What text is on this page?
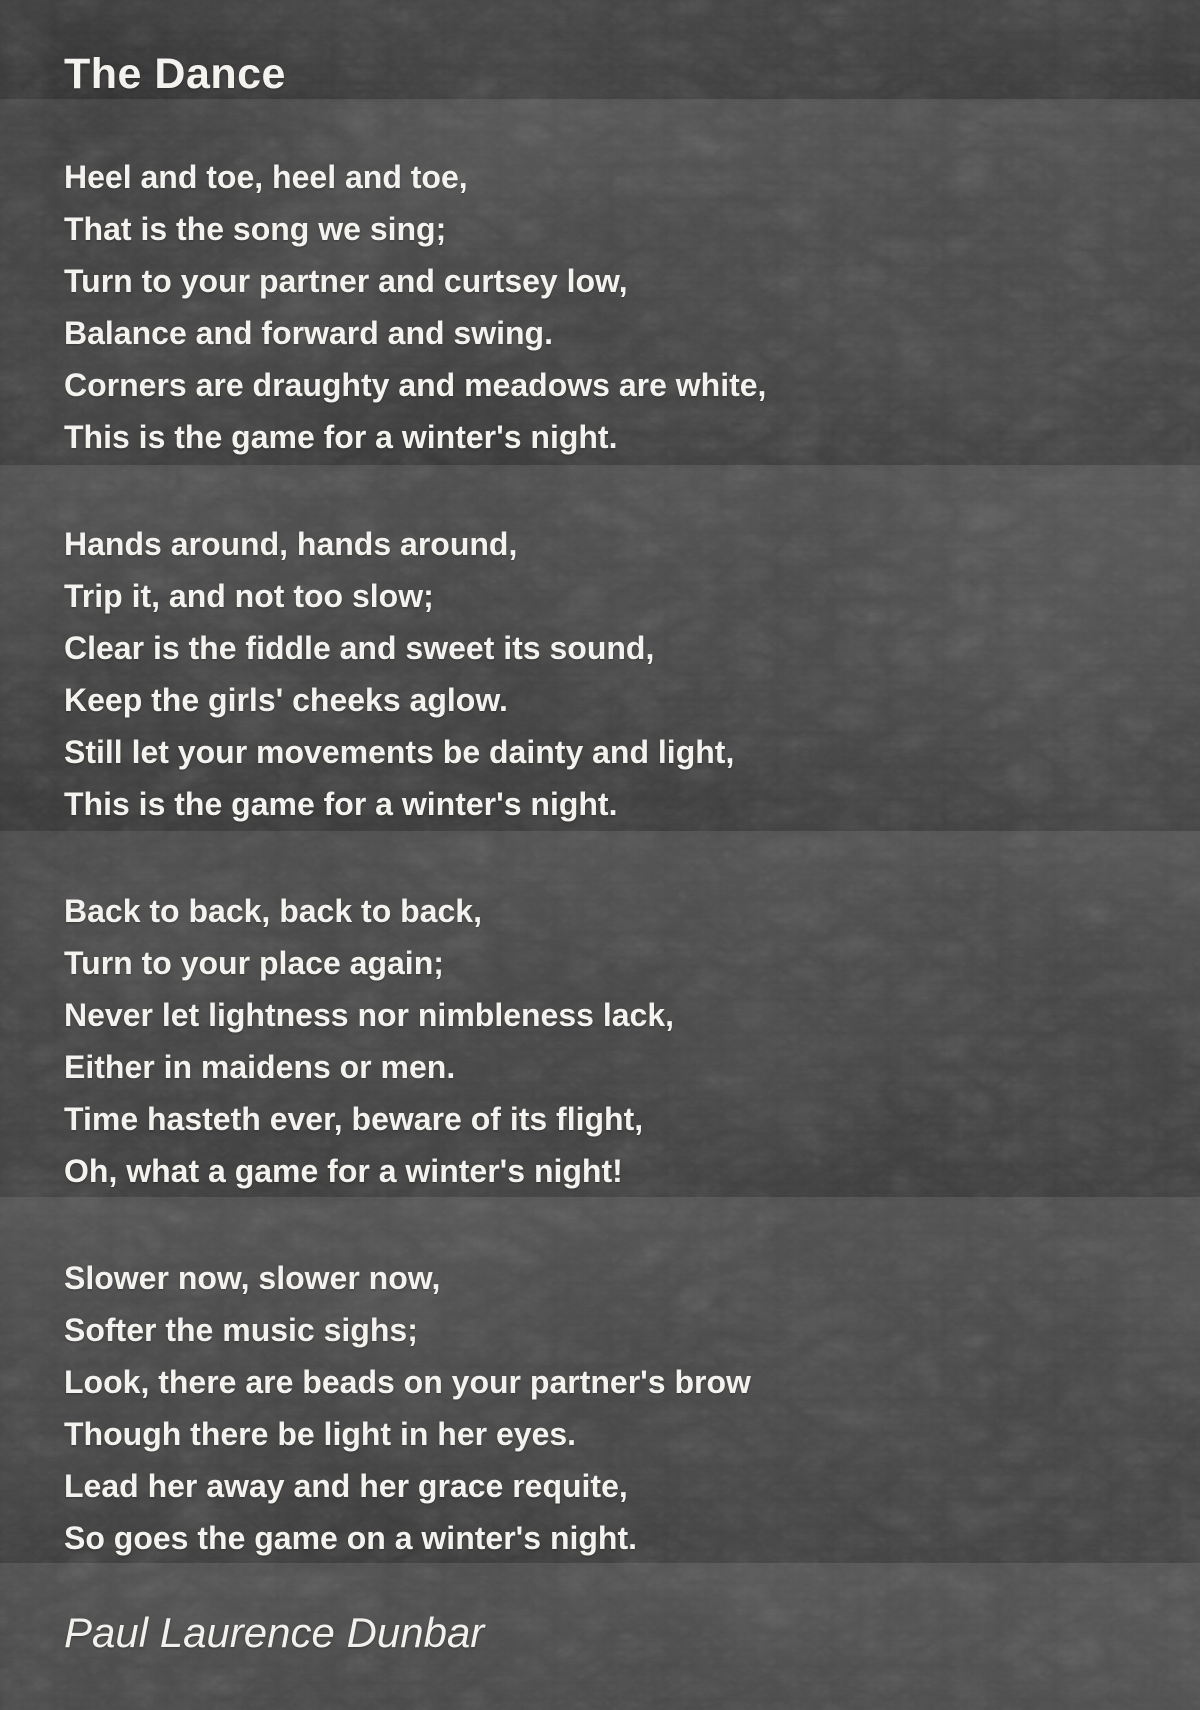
The Dance
Heel and toe, heel and toe,
That is the song we sing;
Turn to your partner and curtsey low,
Balance and forward and swing.
Corners are draughty and meadows are white,
This is the game for a winter's night.
Hands around, hands around,
Trip it, and not too slow;
Clear is the fiddle and sweet its sound,
Keep the girls' cheeks aglow.
Still let your movements be dainty and light,
This is the game for a winter's night.
Back to back, back to back,
Turn to your place again;
Never let lightness nor nimbleness lack,
Either in maidens or men.
Time hasteth ever, beware of its flight,
Oh, what a game for a winter's night!
Slower now, slower now,
Softer the music sighs;
Look, there are beads on your partner's brow
Though there be light in her eyes.
Lead her away and her grace requite,
So goes the game on a winter's night.
Paul Laurence Dunbar
